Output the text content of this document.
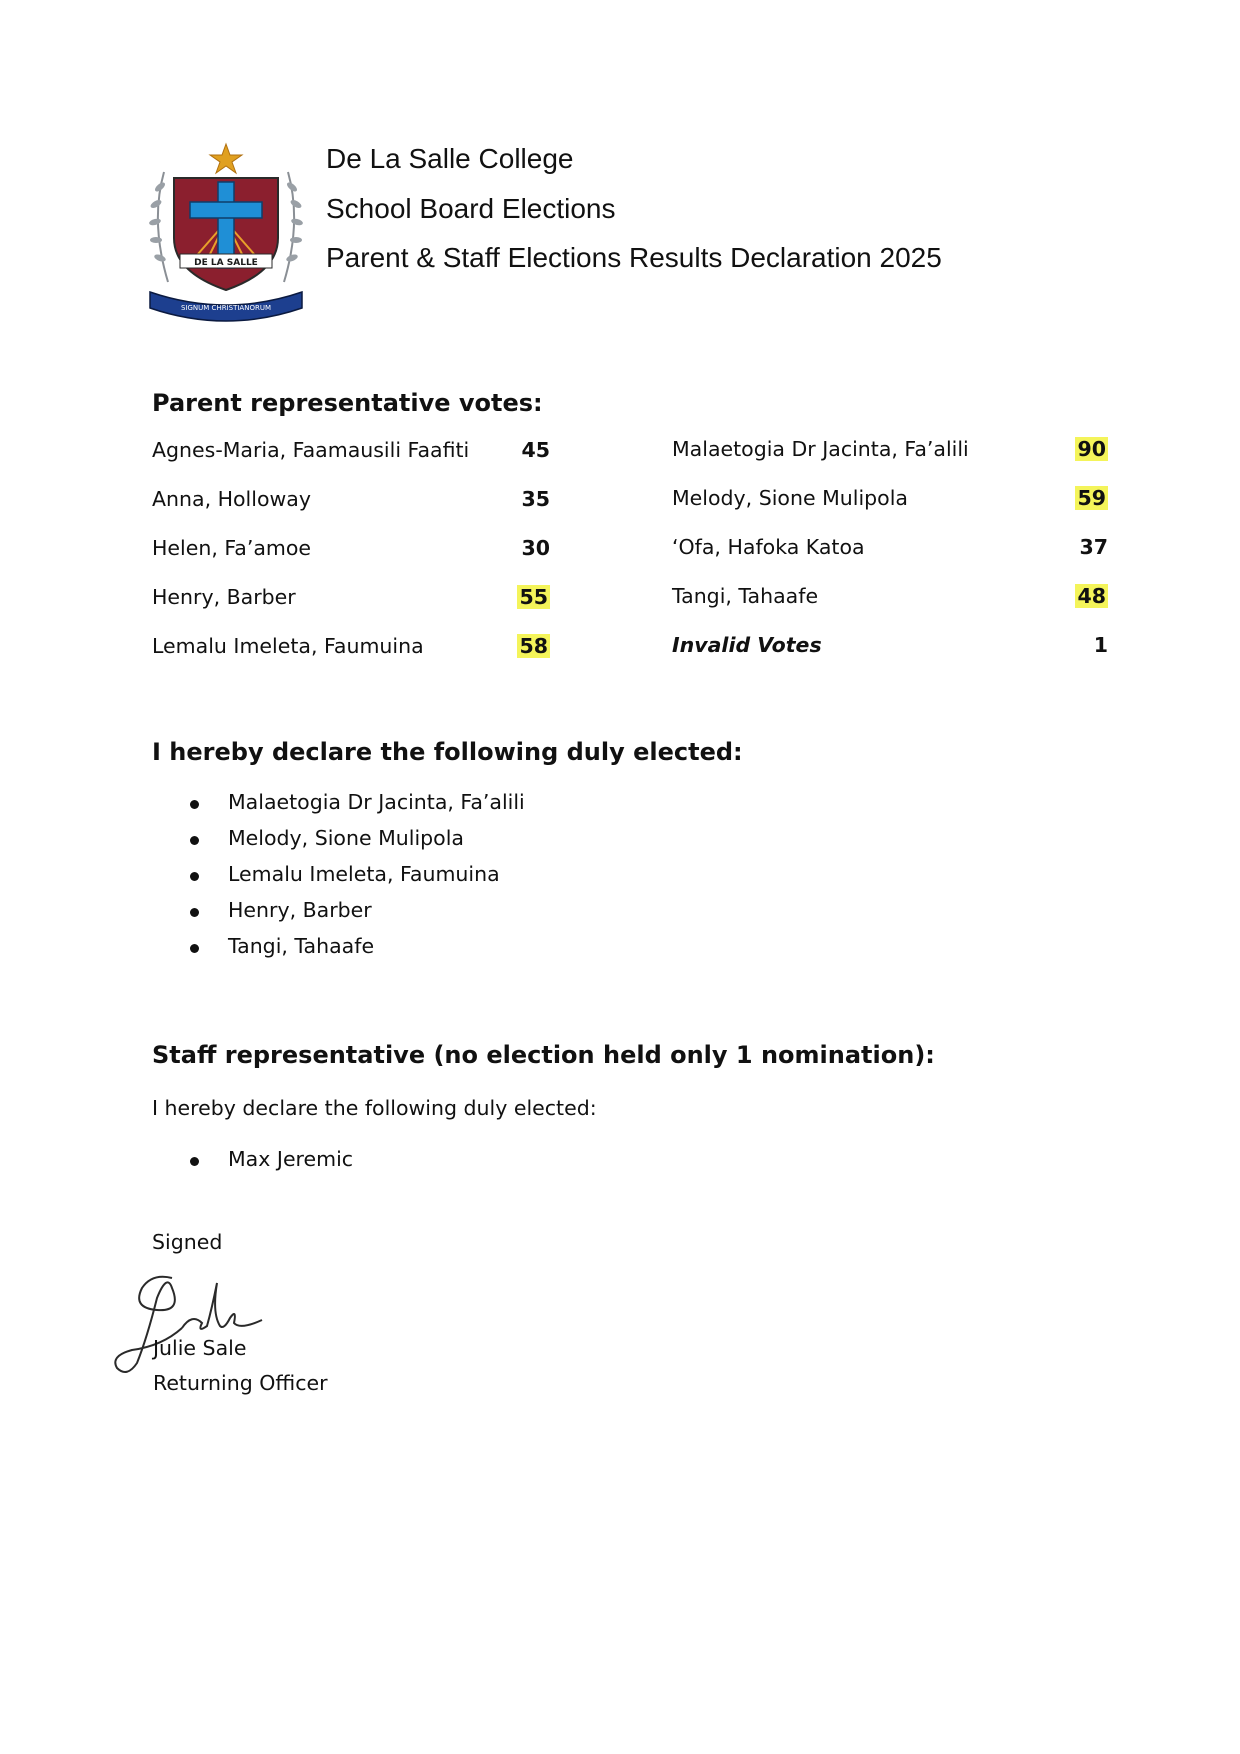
DE LA SALLE
SIGNUM CHRISTIANORUM
De La Salle College
School Board Elections
Parent & Staff Elections Results Declaration 2025
Parent representative votes:
Agnes-Maria, Faamausili Faafiti	45
Anna, Holloway	35
Helen, Fa’amoe	30
Henry, Barber	55
Lemalu Imeleta, Faumuina	58
Malaetogia Dr Jacinta, Fa’alili	90
Melody, Sione Mulipola	59
‘Ofa, Hafoka Katoa	37
Tangi, Tahaafe	48
Invalid Votes	1
I hereby declare the following duly elected:
Malaetogia Dr Jacinta, Fa’alili
Melody, Sione Mulipola
Lemalu Imeleta, Faumuina
Henry, Barber
Tangi, Tahaafe
Staff representative (no election held only 1 nomination):
I hereby declare the following duly elected:
Max Jeremic
Signed
Julie Sale
Returning Officer
